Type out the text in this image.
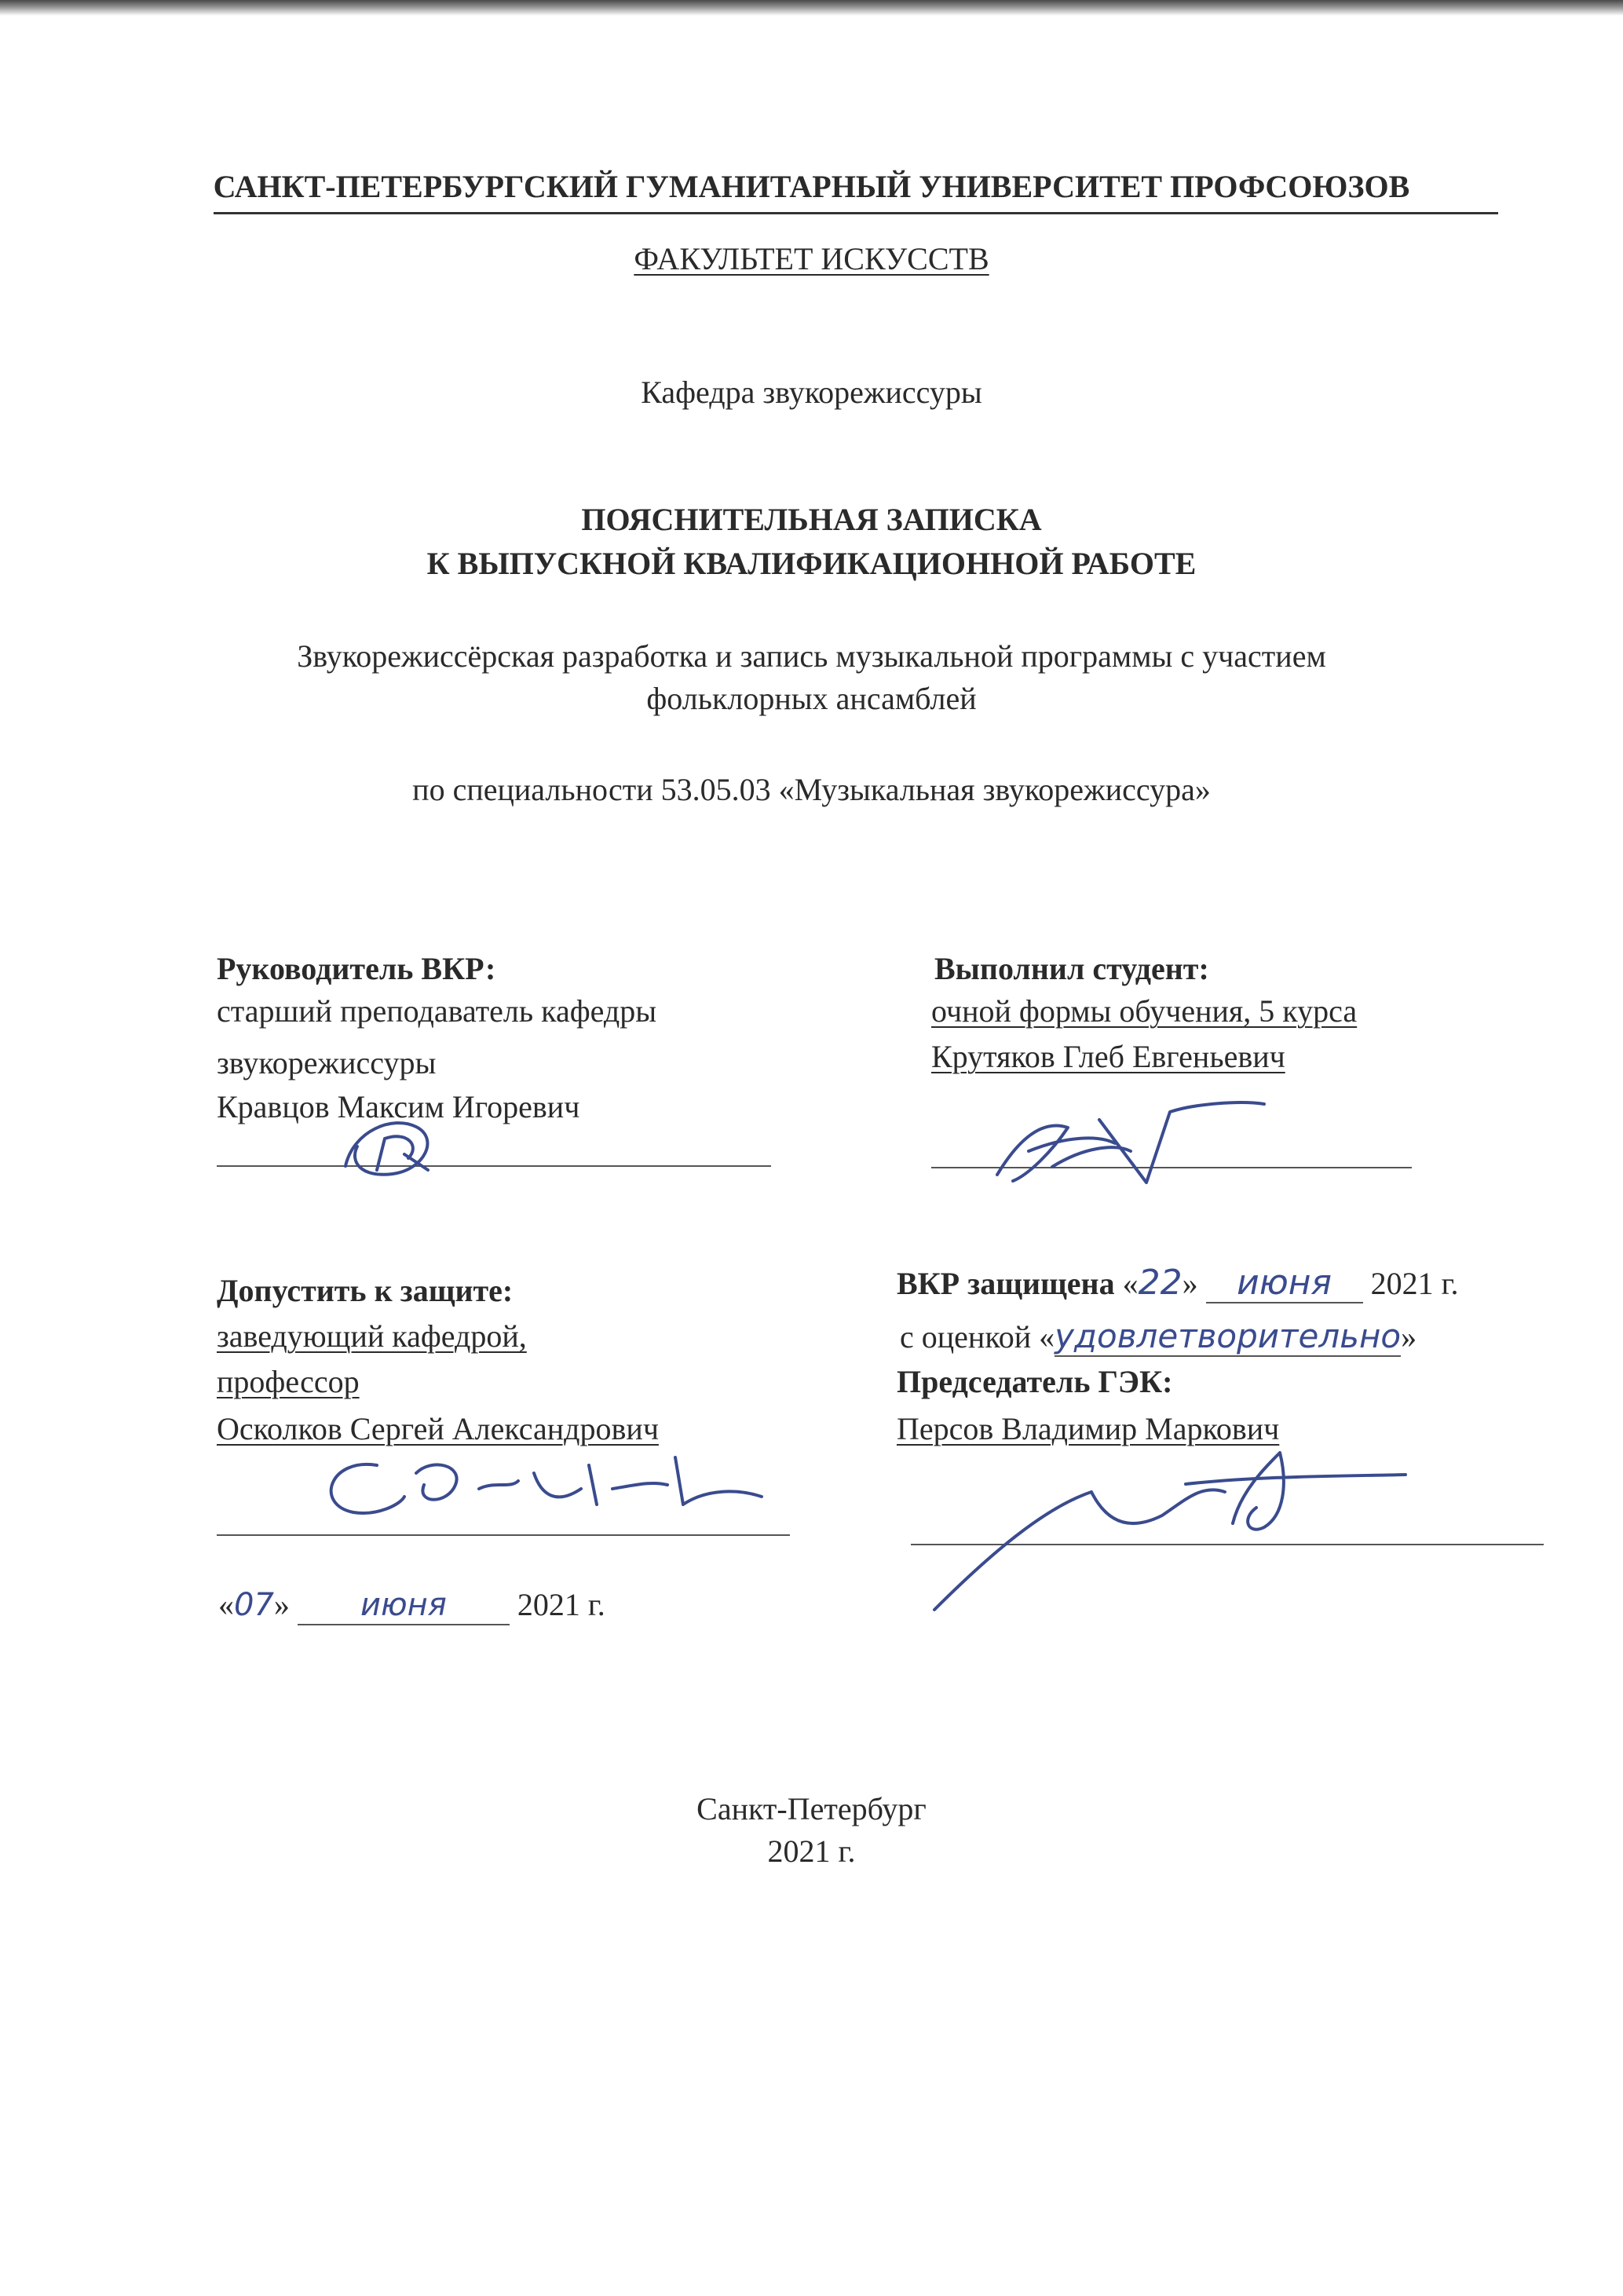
САНКТ-ПЕТЕРБУРГСКИЙ ГУМАНИТАРНЫЙ УНИВЕРСИТЕТ ПРОФСОЮЗОВ
ФАКУЛЬТЕТ ИСКУССТВ
Кафедра звукорежиссуры
ПОЯСНИТЕЛЬНАЯ ЗАПИСКА
К ВЫПУСКНОЙ КВАЛИФИКАЦИОННОЙ РАБОТЕ
Звукорежиссёрская разработка и запись музыкальной программы с участием
фольклорных ансамблей
по специальности 53.05.03 «Музыкальная звукорежиссура»
Руководитель ВКР:
старший преподаватель кафедры
звукорежиссуры
Кравцов Максим Игоревич
Выполнил студент:
очной формы обучения, 5 курса
Крутяков Глеб Евгеньевич
Допустить к защите:
заведующий кафедрой,
профессор
Осколков Сергей Александрович
«07» июня 2021 г.
ВКР защищена «22» июня 2021 г.
с оценкой «удовлетворительно»
Председатель ГЭК:
Персов Владимир Маркович
Санкт-Петербург
2021 г.
